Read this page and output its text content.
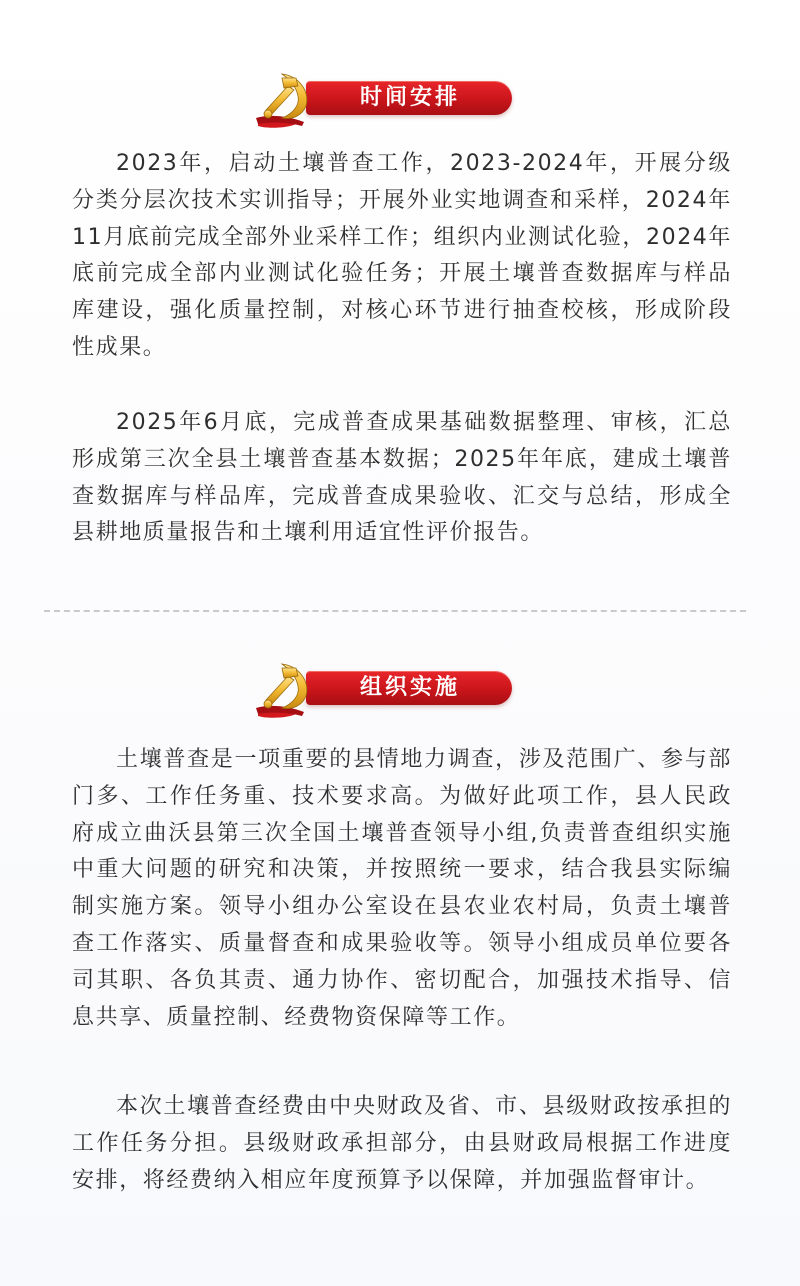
时间安排

2023年，启动土壤普查工作，2023-2024年，开展分级分类分层次技术实训指导；开展外业实地调查和采样，2024年11月底前完成全部外业采样工作；组织内业测试化验，2024年底前完成全部内业测试化验任务；开展土壤普查数据库与样品库建设，强化质量控制，对核心环节进行抽查校核，形成阶段性成果。

2025年6月底，完成普查成果基础数据整理、审核，汇总形成第三次全县土壤普查基本数据；2025年年底，建成土壤普查数据库与样品库，完成普查成果验收、汇交与总结，形成全县耕地质量报告和土壤利用适宜性评价报告。

组织实施

土壤普查是一项重要的县情地力调查，涉及范围广、参与部门多、工作任务重、技术要求高。为做好此项工作，县人民政府成立曲沃县第三次全国土壤普查领导小组,负责普查组织实施中重大问题的研究和决策，并按照统一要求，结合我县实际编制实施方案。领导小组办公室设在县农业农村局，负责土壤普查工作落实、质量督查和成果验收等。领导小组成员单位要各司其职、各负其责、通力协作、密切配合，加强技术指导、信息共享、质量控制、经费物资保障等工作。

本次土壤普查经费由中央财政及省、市、县级财政按承担的工作任务分担。县级财政承担部分，由县财政局根据工作进度安排，将经费纳入相应年度预算予以保障，并加强监督审计。
